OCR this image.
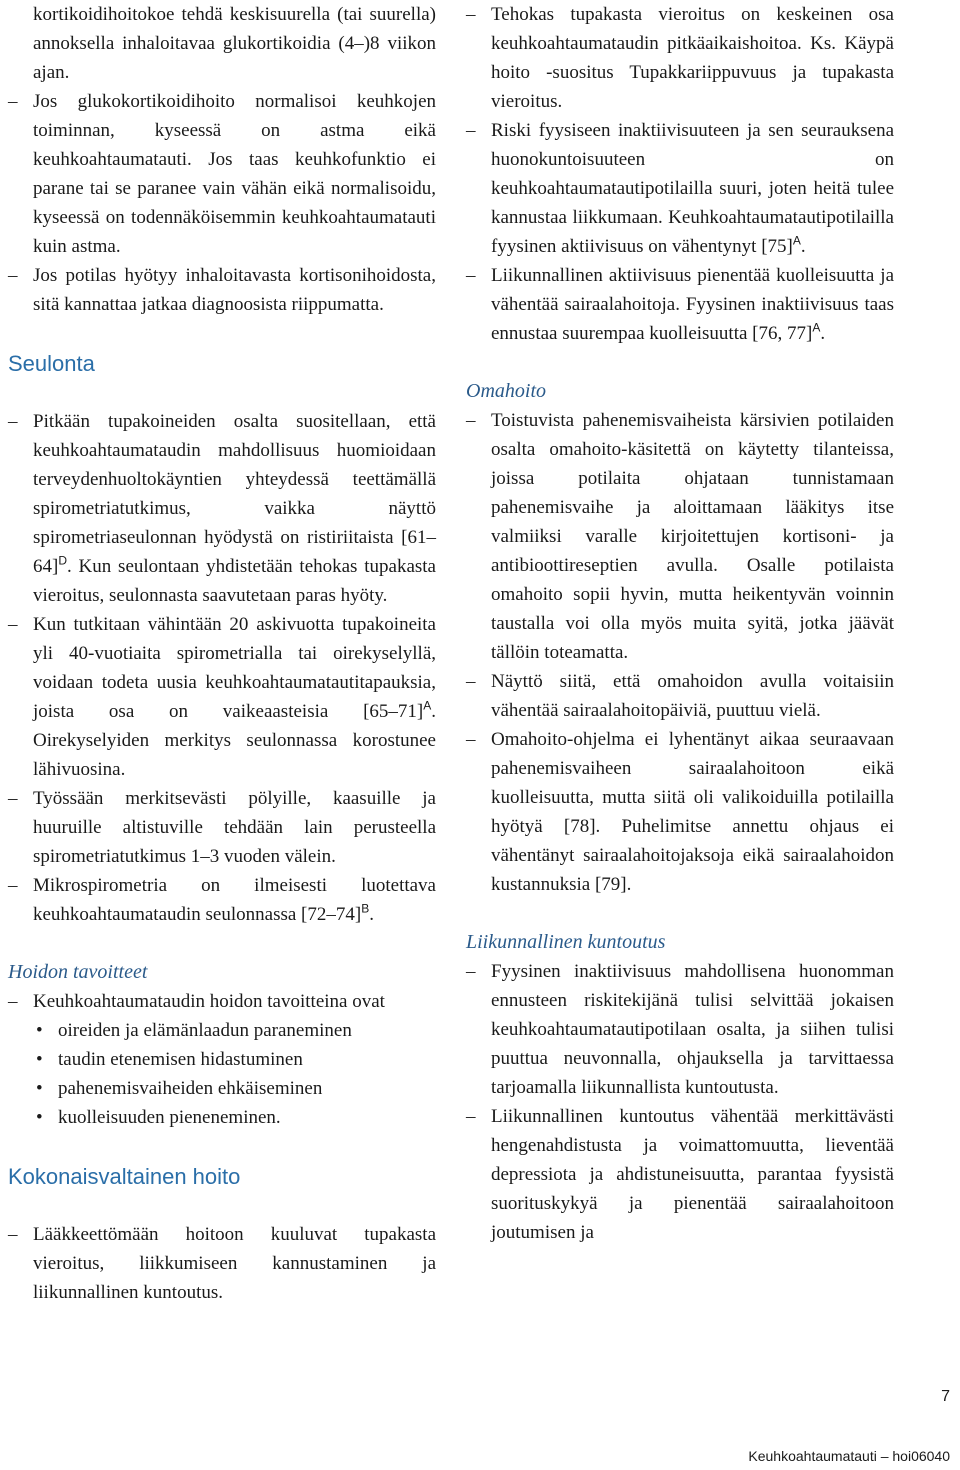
kortikoidihoitokoe tehdä keskisuurella (tai suurella) annoksella inhaloitavaa glukortikoidia (4–)8 viikon ajan.

– Jos glukokortikoidihoito normalisoi keuhkojen toiminnan, kyseessä on astma eikä keuhkoahtaumatauti. Jos taas keuhkofunktio ei parane tai se paranee vain vähän eikä normalisoidu, kyseessä on todennäköisemmin keuhkoahtaumatauti kuin astma.

– Jos potilas hyötyy inhaloitavasta kortisonihoidosta, sitä kannattaa jatkaa diagnoosista riippumatta.

Seulonta

– Pitkään tupakoineiden osalta suositellaan, että keuhkoahtaumataudin mahdollisuus huomioidaan terveydenhuoltokäyntien yhteydessä teettämällä spirometriatutkimus, vaikka näyttö spirometriaseulonnan hyödystä on ristiriitaista $[61-64]^D$. Kun seulontaan yhdistetään tehokas tupakasta vieroitus, seulonnasta saavutetaan paras hyöty.

– Kun tutkitaan vähintään 20 askivuotta tupakoineita yli 40-vuotiaita spirometrialla tai oirekyselyllä, voidaan todeta uusia keuhkoahtaumatautitapauksia, joista osa on vaikeaasteisia $[65-71]^A$. Oirekyselyiden merkitys seulonnassa korostunee lähivuosina.

– Työssään merkitsevästi pölyille, kaasuille ja huuruille altistuville tehdään lain perusteella spirometriatutkimus 1–3 vuoden välein.

– Mikrospirometria on ilmeisesti luotettava keuhkoahtaumataudin seulonnassa $[72-74]^B$.

Hoidon tavoitteet

– Keuhkoahtaumataudin hoidon tavoitteina ovat

• oireiden ja elämänlaadun paraneminen

• taudin etenemisen hidastuminen

• pahenemisvaiheiden ehkäiseminen

• kuolleisuuden pieneneminen.

Kokonaisvaltainen hoito

– Lääkkeettömään hoitoon kuuluvat tupakasta vieroitus, liikkumiseen kannustaminen ja liikunnallinen kuntoutus.

– Tehokas tupakasta vieroitus on keskeinen osa keuhkoahtaumataudin pitkäaikaishoitoa. Ks. Käypä hoito -suositus Tupakkariippuvuus ja tupakasta vieroitus.

– Riski fyysiseen inaktiivisuuteen ja sen seurauksena huonokuntoisuuteen on keuhkoahtaumatautipotilailla suuri, joten heitä tulee kannustaa liikkumaan. Keuhkoahtaumatautipotilailla fyysinen aktiivisuus on vähentynyt $[75]^A$.

– Liikunnallinen aktiivisuus pienentää kuolleisuutta ja vähentää sairaalahoitoja. Fyysinen inaktiivisuus taas ennustaa suurempaa kuolleisuutta [76, 77]$^A$.

Omahoito

– Toistuvista pahenemisvaiheista kärsivien potilaiden osalta omahoito-käsitettä on käytetty tilanteissa, joissa potilaita ohjataan tunnistamaan pahenemisvaihe ja aloittamaan lääkitys itse valmiiksi varalle kirjoitettujen kortisoni- ja antibioottireseptien avulla. Osalle potilaista omahoito sopii hyvin, mutta heikentyvän voinnin taustalla voi olla myös muita syitä, jotka jäävät tällöin toteamatta.

– Näyttö siitä, että omahoidon avulla voitaisiin vähentää sairaalahoitopäiviä, puuttuu vielä.

– Omahoito-ohjelma ei lyhentänyt aikaa seuraavaan pahenemisvaiheen sairaalahoitoon eikä kuolleisuutta, mutta siitä oli valikoiduilla potilailla hyötyä [78]. Puhelimitse annettu ohjaus ei vähentänyt sairaalahoitojaksoja eikä sairaalahoidon kustannuksia [79].

Liikunnallinen kuntoutus

– Fyysinen inaktiivisuus mahdollisena huonomman ennusteen riskitekijänä tulisi selvittää jokaisen keuhkoahtaumatautipotilaan osalta, ja siihen tulisi puuttua neuvonnalla, ohjauksella ja tarvittaessa tarjoamalla liikunnallista kuntoutusta.

– Liikunnallinen kuntoutus vähentää merkittävästi hengenahdistusta ja voimattomuutta, lieventää depressiota ja ahdistuneisuutta, parantaa fyysistä suorituskykyä ja pienentää sairaalahoitoon joutumisen ja

7
Keuhkoahtaumatauti – hoi06040
